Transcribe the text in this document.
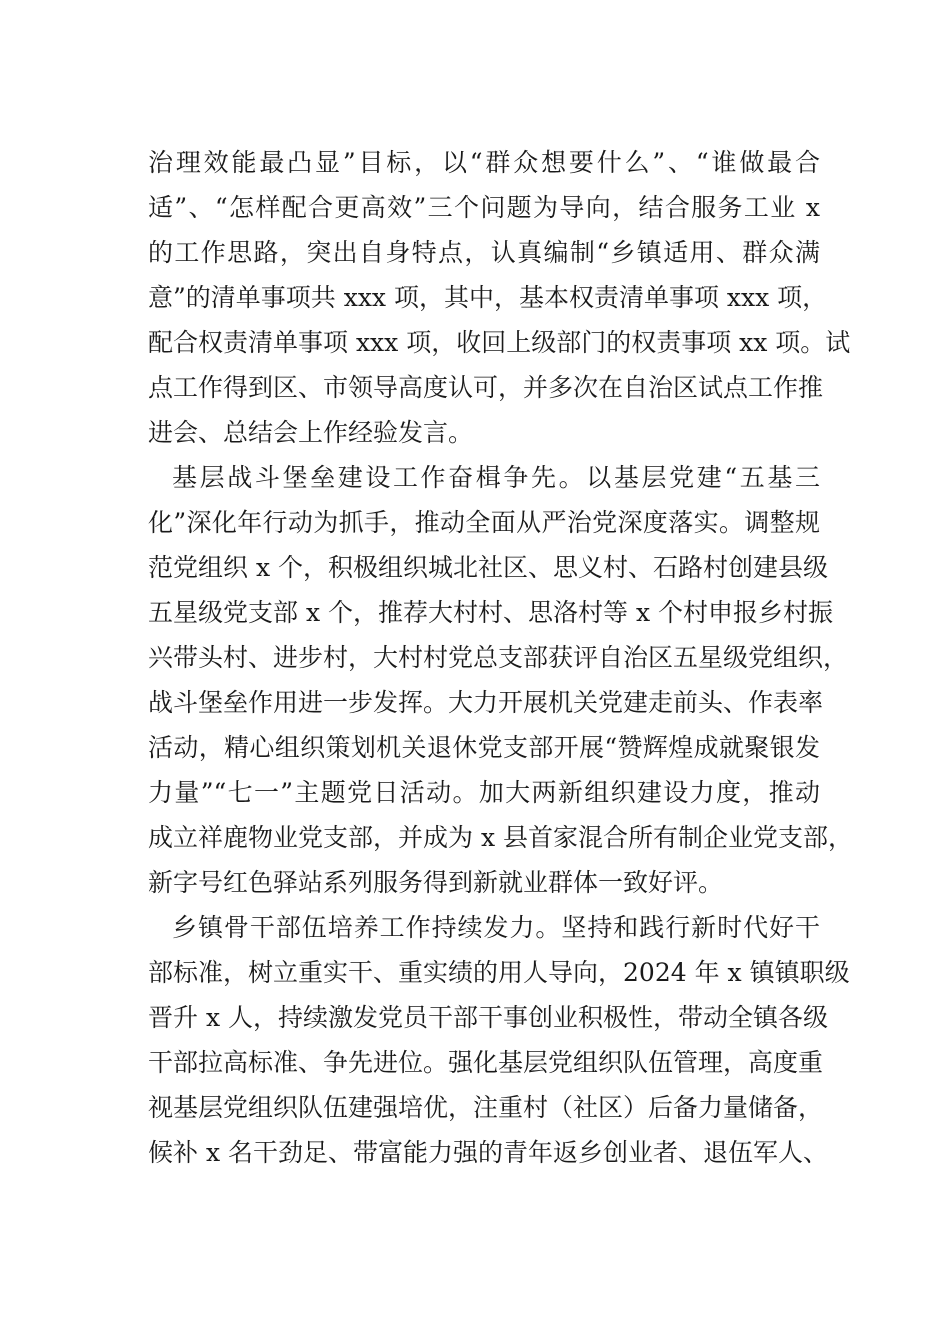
治理效能最凸显”目标，以“群众想要什么”、“谁做最合
适”、“怎样配合更高效”三个问题为导向，结合服务工业 x
的工作思路，突出自身特点，认真编制“乡镇适用、群众满
意”的清单事项共 xxx 项，其中，基本权责清单事项 xxx 项，
配合权责清单事项 xxx 项，收回上级部门的权责事项 xx 项。试
点工作得到区、市领导高度认可，并多次在自治区试点工作推
进会、总结会上作经验发言。
基层战斗堡垒建设工作奋楫争先。以基层党建“五基三
化”深化年行动为抓手，推动全面从严治党深度落实。调整规
范党组织 x 个，积极组织城北社区、思义村、石路村创建县级
五星级党支部 x 个，推荐大村村、思洛村等 x 个村申报乡村振
兴带头村、进步村，大村村党总支部获评自治区五星级党组织，
战斗堡垒作用进一步发挥。大力开展机关党建走前头、作表率
活动，精心组织策划机关退休党支部开展“赞辉煌成就聚银发
力量”“七一”主题党日活动。加大两新组织建设力度，推动
成立祥鹿物业党支部，并成为 x 县首家混合所有制企业党支部，
新字号红色驿站系列服务得到新就业群体一致好评。
乡镇骨干部伍培养工作持续发力。坚持和践行新时代好干
部标准，树立重实干、重实绩的用人导向，2024 年 x 镇镇职级
晋升 x 人，持续激发党员干部干事创业积极性，带动全镇各级
干部拉高标准、争先进位。强化基层党组织队伍管理，高度重
视基层党组织队伍建强培优，注重村（社区）后备力量储备，
候补 x 名干劲足、带富能力强的青年返乡创业者、退伍军人、
